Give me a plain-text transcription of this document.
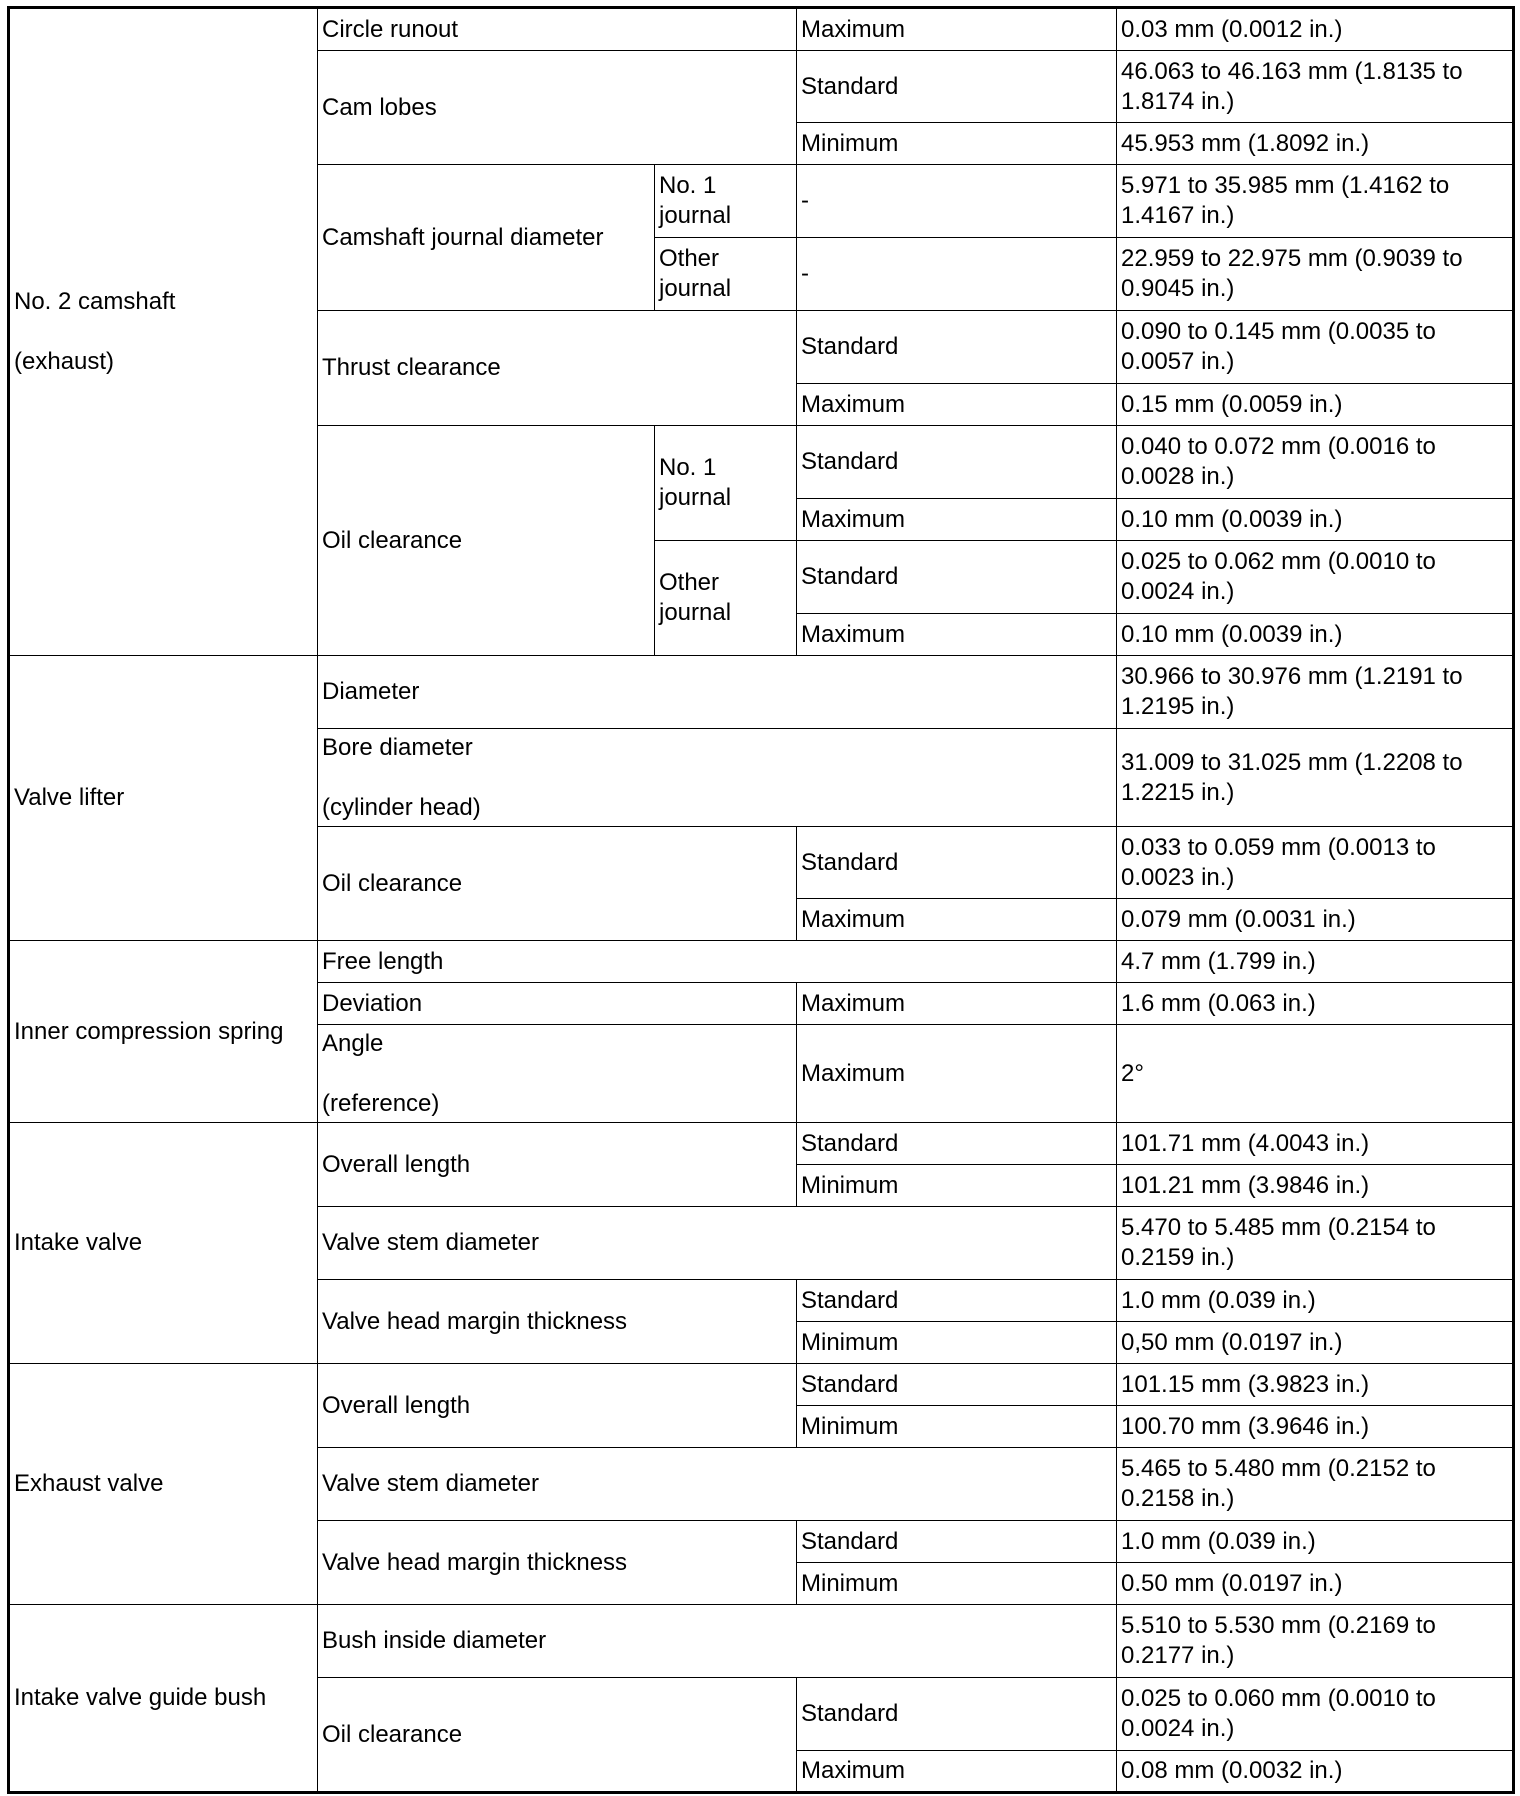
No. 2 camshaft

(exhaust)	Circle runout		Maximum	0.03 mm (0.0012 in.)
	Cam lobes		Standard	46.063 to 46.163 mm (1.8135 to 1.8174 in.)
			Minimum	45.953 mm (1.8092 in.)
	Camshaft journal diameter	No. 1 journal	-	5.971 to 35.985 mm (1.4162 to 1.4167 in.)
		Other journal	-	22.959 to 22.975 mm (0.9039 to 0.9045 in.)
	Thrust clearance		Standard	0.090 to 0.145 mm (0.0035 to 0.0057 in.)
			Maximum	0.15 mm (0.0059 in.)
	Oil clearance	No. 1 journal	Standard	0.040 to 0.072 mm (0.0016 to 0.0028 in.)
			Maximum	0.10 mm (0.0039 in.)
		Other journal	Standard	0.025 to 0.062 mm (0.0010 to 0.0024 in.)
			Maximum	0.10 mm (0.0039 in.)
Valve lifter	Diameter			30.966 to 30.976 mm (1.2191 to 1.2195 in.)
	Bore diameter

(cylinder head)			31.009 to 31.025 mm (1.2208 to 1.2215 in.)
	Oil clearance		Standard	0.033 to 0.059 mm (0.0013 to 0.0023 in.)
			Maximum	0.079 mm (0.0031 in.)
Inner compression spring	Free length			4.7 mm (1.799 in.)
	Deviation		Maximum	1.6 mm (0.063 in.)
	Angle

(reference)		Maximum	2°
Intake valve	Overall length		Standard	101.71 mm (4.0043 in.)
			Minimum	101.21 mm (3.9846 in.)
	Valve stem diameter			5.470 to 5.485 mm (0.2154 to 0.2159 in.)
	Valve head margin thickness		Standard	1.0 mm (0.039 in.)
			Minimum	0,50 mm (0.0197 in.)
Exhaust valve	Overall length		Standard	101.15 mm (3.9823 in.)
			Minimum	100.70 mm (3.9646 in.)
	Valve stem diameter			5.465 to 5.480 mm (0.2152 to 0.2158 in.)
	Valve head margin thickness		Standard	1.0 mm (0.039 in.)
			Minimum	0.50 mm (0.0197 in.)
Intake valve guide bush	Bush inside diameter			5.510 to 5.530 mm (0.2169 to 0.2177 in.)
	Oil clearance		Standard	0.025 to 0.060 mm (0.0010 to 0.0024 in.)
			Maximum	0.08 mm (0.0032 in.)
